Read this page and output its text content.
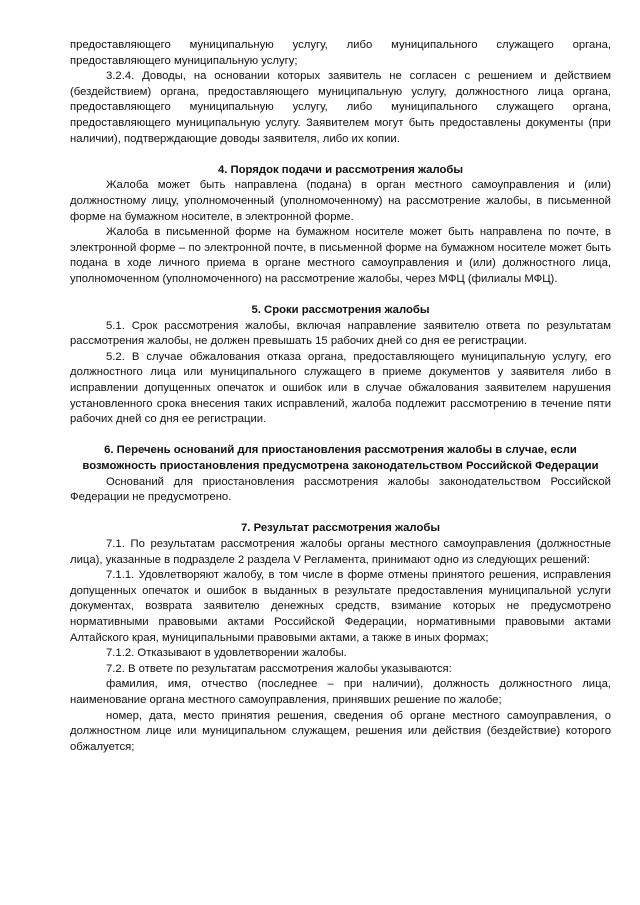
предоставляющего муниципальную услугу, либо муниципального служащего органа, предоставляющего муниципальную услугу;

3.2.4. Доводы, на основании которых заявитель не согласен с решением и действием (бездействием) органа, предоставляющего муниципальную услугу, должностного лица органа, предоставляющего муниципальную услугу, либо муниципального служащего органа, предоставляющего муниципальную услугу. Заявителем могут быть предоставлены документы (при наличии), подтверждающие доводы заявителя, либо их копии.

4. Порядок подачи и рассмотрения жалобы

Жалоба может быть направлена (подана) в орган местного самоуправления и (или) должностному лицу, уполномоченный (уполномоченному) на рассмотрение жалобы, в письменной форме на бумажном носителе, в электронной форме.

Жалоба в письменной форме на бумажном носителе может быть направлена по почте, в электронной форме – по электронной почте, в письменной форме на бумажном носителе может быть подана в ходе личного приема в органе местного самоуправления и (или) должностного лица, уполномоченном (уполномоченного) на рассмотрение жалобы, через МФЦ (филиалы МФЦ).

5. Сроки рассмотрения жалобы

5.1. Срок рассмотрения жалобы, включая направление заявителю ответа по результатам рассмотрения жалобы, не должен превышать 15 рабочих дней со дня ее регистрации.

5.2. В случае обжалования отказа органа, предоставляющего муниципальную услугу, его должностного лица или муниципального служащего в приеме документов у заявителя либо в исправлении допущенных опечаток и ошибок или в случае обжалования заявителем нарушения установленного срока внесения таких исправлений, жалоба подлежит рассмотрению в течение пяти рабочих дней со дня ее регистрации.

6. Перечень оснований для приостановления рассмотрения жалобы в случае, если возможность приостановления предусмотрена законодательством Российской Федерации

Оснований для приостановления рассмотрения жалобы законодательством Российской Федерации не предусмотрено.

7. Результат рассмотрения жалобы

7.1. По результатам рассмотрения жалобы органы местного самоуправления (должностные лица), указанные в подразделе 2 раздела V Регламента, принимают одно из следующих решений:

7.1.1. Удовлетворяют жалобу, в том числе в форме отмены принятого решения, исправления допущенных опечаток и ошибок в выданных в результате предоставления муниципальной услуги документах, возврата заявителю денежных средств, взимание которых не предусмотрено нормативными правовыми актами Российской Федерации, нормативными правовыми актами Алтайского края, муниципальными правовыми актами, а также в иных формах;

7.1.2. Отказывают в удовлетворении жалобы.

7.2. В ответе по результатам рассмотрения жалобы указываются:

фамилия, имя, отчество (последнее – при наличии), должность должностного лица, наименование органа местного самоуправления, принявших решение по жалобе;

номер, дата, место принятия решения, сведения об органе местного самоуправления, о должностном лице или муниципальном служащем, решения или действия (бездействие) которого обжалуется;
